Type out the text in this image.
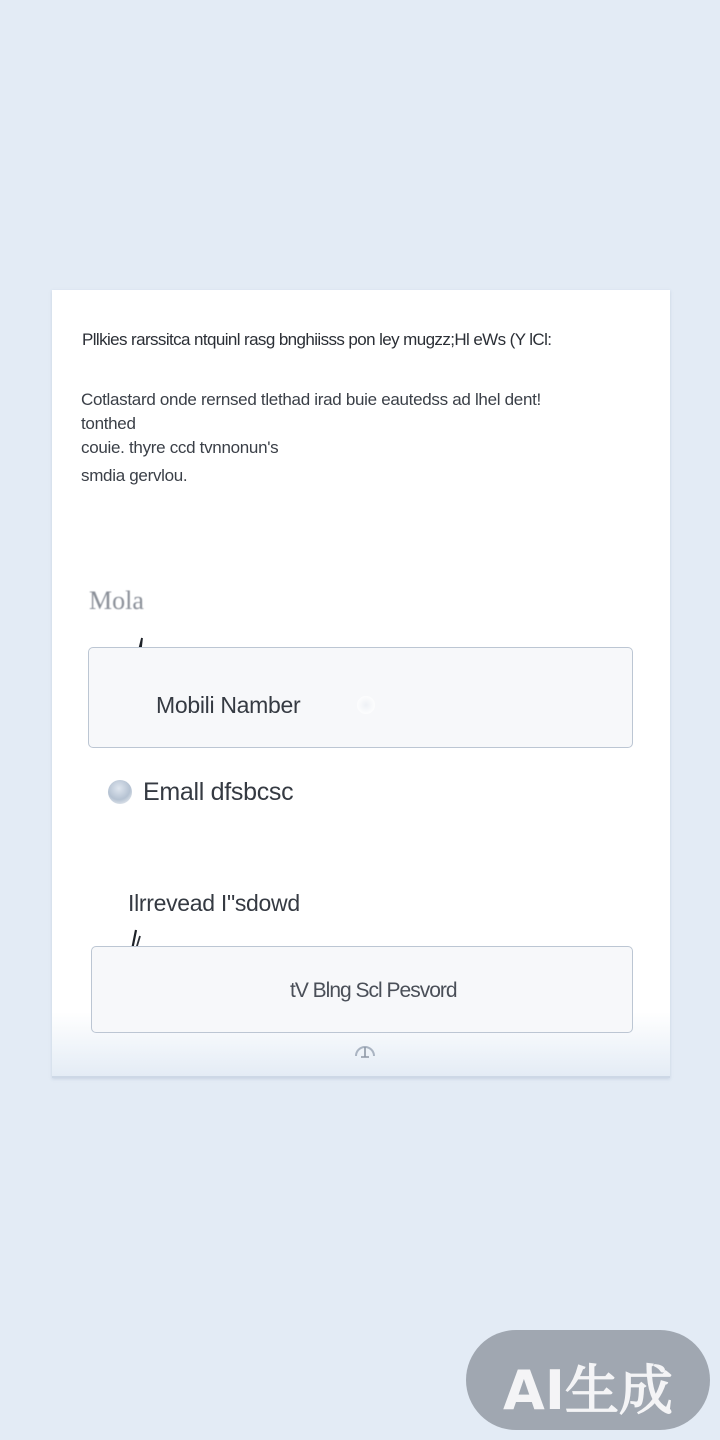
Pllkies rarssitca ntquinl rasg bnghiisss pon ley mugzz;Hl eWs (Y lCl:
Cotlastard onde rernsed tlethad irad buie eautedss ad lhel dent!
tonthed
couie. thyre ccd tvnnonun's
smdia gervlou.
Mola
Mobili Namber
Emall dfsbcsc
Ilrrevead I"sdowd
tV Blng Scl Pesvord
AI生成
